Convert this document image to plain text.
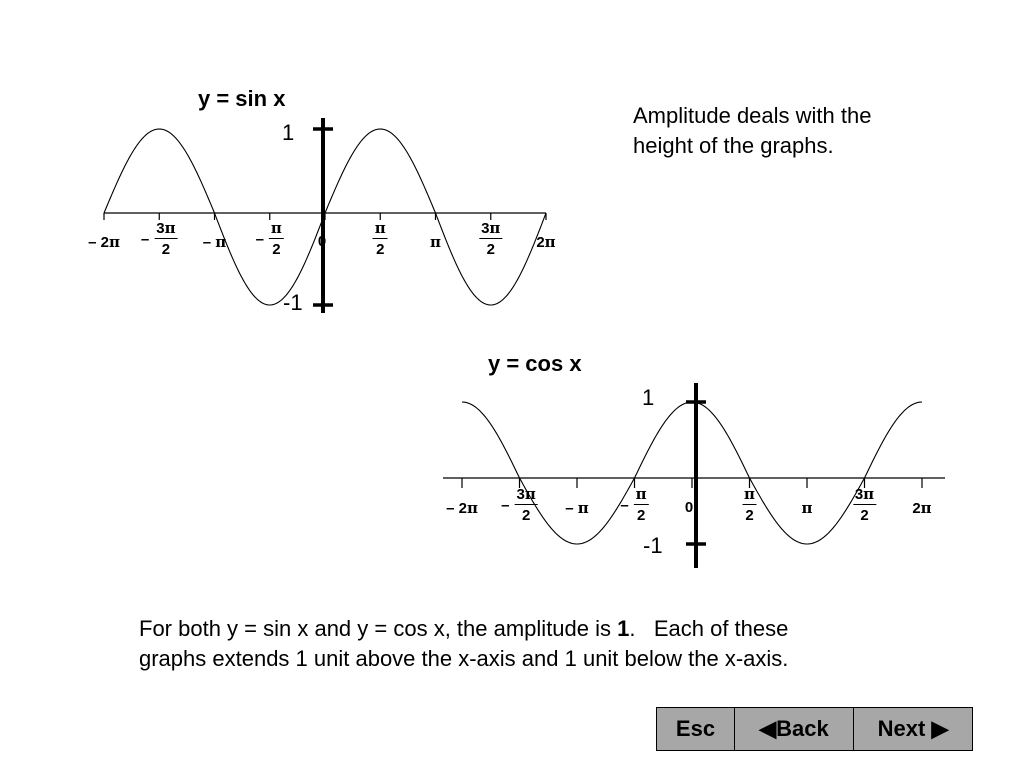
y = sin x
1
-1
– $2\pi - \frac{3\pi}{2}$ – π – $\frac{\pi}{2} 0$	$\frac{\pi}{2}$	π	$\frac{3\pi}{2} 2\pi$
y = cos x
1
-1
– $2\pi - \frac{3\pi}{2}$ – π – $\frac{\pi}{2} 0$	$\frac{\pi}{2}$	π	$\frac{3\pi}{2} 2\pi$
Amplitude deals with the
height of the graphs.
For both y = sin x and y = cos x, the amplitude is 1.   Each of these
graphs extends 1 unit above the x-axis and 1 unit below the x-axis.
Esc	◀Back	Next ▶
